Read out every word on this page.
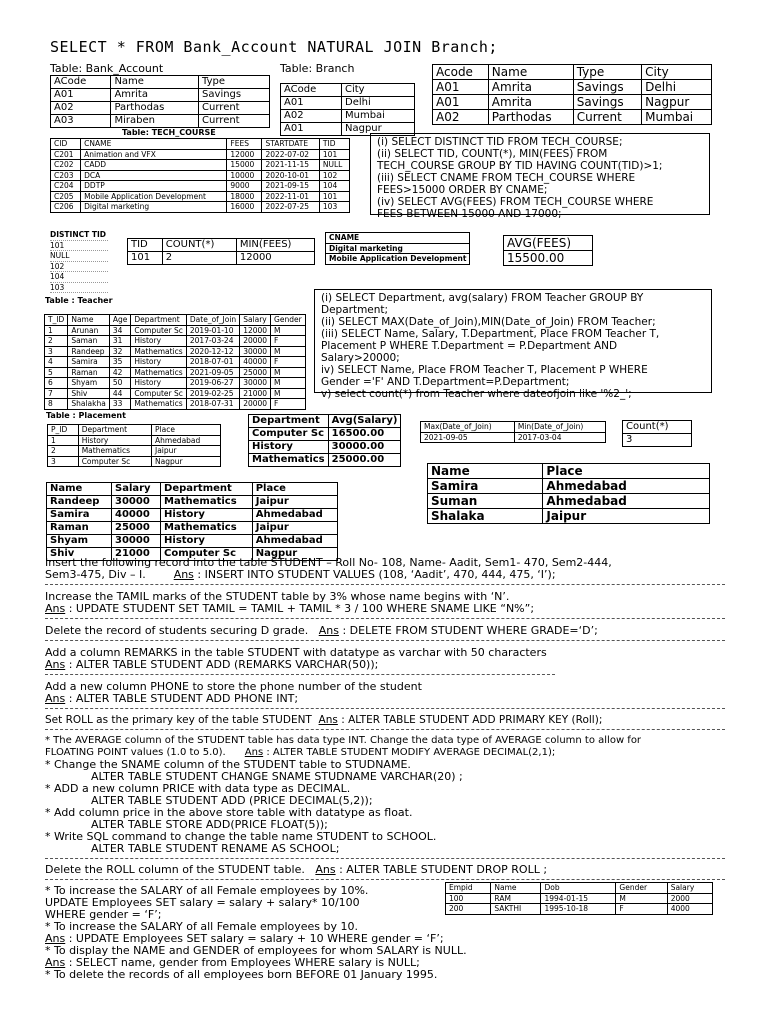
SELECT * FROM Bank_Account NATURAL JOIN Branch;
Table: Bank_Account
ACode	Name	Type
A01	Amrita	Savings
A02	Parthodas	Current
A03	Miraben	Current
Table: Branch
ACode	City
A01	Delhi
A02	Mumbai
A01	Nagpur
Acode	Name	Type	City
A01	Amrita	Savings	Delhi
A01	Amrita	Savings	Nagpur
A02	Parthodas	Current	Mumbai
Table: TECH_COURSE
CID	CNAME	FEES	STARTDATE	TID
C201	Animation and VFX	12000	2022-07-02	101
C202	CADD	15000	2021-11-15	NULL
C203	DCA	10000	2020-10-01	102
C204	DDTP	9000	2021-09-15	104
C205	Mobile Application Development	18000	2022-11-01	101
C206	Digital marketing	16000	2022-07-25	103
(i) SELECT DISTINCT TID FROM TECH_COURSE;
(ii) SELECT TID, COUNT(*), MIN(FEES) FROM
TECH_COURSE GROUP BY TID HAVING COUNT(TID)>1;
(iii) SELECT CNAME FROM TECH_COURSE WHERE
FEES>15000 ORDER BY CNAME;
(iv) SELECT AVG(FEES) FROM TECH_COURSE WHERE
FEES BETWEEN 15000 AND 17000;
DISTINCT TID
101
NULL
102
104
103
TID	COUNT(*)	MIN(FEES)
101	2	12000
CNAME
Digital marketing
Mobile Application Development
AVG(FEES)
15500.00
Table : Teacher
T_ID	Name	Age	Department	Date_of_Join	Salary	Gender
1	Arunan	34	Computer Sc	2019-01-10	12000	M
2	Saman	31	History	2017-03-24	20000	F
3	Randeep	32	Mathematics	2020-12-12	30000	M
4	Samira	35	History	2018-07-01	40000	F
5	Raman	42	Mathematics	2021-09-05	25000	M
6	Shyam	50	History	2019-06-27	30000	M
7	Shiv	44	Computer Sc	2019-02-25	21000	M
8	Shalakha	33	Mathematics	2018-07-31	20000	F
(i) SELECT Department, avg(salary) FROM Teacher GROUP BY
Department;
(ii) SELECT MAX(Date_of_Join),MIN(Date_of_Join) FROM Teacher;
(iii) SELECT Name, Salary, T.Department, Place FROM Teacher T,
Placement P WHERE T.Department = P.Department AND
Salary>20000;
iv) SELECT Name, Place FROM Teacher T, Placement P WHERE
Gender ='F' AND T.Department=P.Department;
v) select count(*) from Teacher where dateofjoin like '%2_';
Table : Placement
P_ID	Department	Place
1	History	Ahmedabad
2	Mathematics	Jaipur
3	Computer Sc	Nagpur
Department	Avg(Salary)
Computer Sc	16500.00
History	30000.00
Mathematics	25000.00
Max(Date_of_Join)	Min(Date_of_Join)
2021-09-05	2017-03-04
Count(*)
3
Name	Place
Samira	Ahmedabad
Suman	Ahmedabad
Shalaka	Jaipur
Name	Salary	Department	Place
Randeep	30000	Mathematics	Jaipur
Samira	40000	History	Ahmedabad
Raman	25000	Mathematics	Jaipur
Shyam	30000	History	Ahmedabad
Shiv	21000	Computer Sc	Nagpur
Insert the following record into the table STUDENT – Roll No- 108, Name- Aadit, Sem1- 470, Sem2-444,
Sem3-475, Div – I.	Ans : INSERT INTO STUDENT VALUES (108, ‘Aadit’, 470, 444, 475, ‘I’);
Increase the TAMIL marks of the STUDENT table by 3% whose name begins with ‘N’.
Ans : UPDATE STUDENT SET TAMIL = TAMIL + TAMIL * 3 / 100 WHERE SNAME LIKE “N%”;
Delete the record of students securing D grade. Ans : DELETE FROM STUDENT WHERE GRADE=‘D’;
Add a column REMARKS in the table STUDENT with datatype as varchar with 50 characters
Ans : ALTER TABLE STUDENT ADD (REMARKS VARCHAR(50));
Add a new column PHONE to store the phone number of the student
Ans : ALTER TABLE STUDENT ADD PHONE INT;
Set ROLL as the primary key of the table STUDENT Ans : ALTER TABLE STUDENT ADD PRIMARY KEY (Roll);
* The AVERAGE column of the STUDENT table has data type INT. Change the data type of AVERAGE column to allow for
FLOATING POINT values (1.0 to 5.0). Ans : ALTER TABLE STUDENT MODIFY AVERAGE DECIMAL(2,1);
* Change the SNAME column of the STUDENT table to STUDNAME.
ALTER TABLE STUDENT CHANGE SNAME STUDNAME VARCHAR(20) ;
* ADD a new column PRICE with data type as DECIMAL.
ALTER TABLE STUDENT ADD (PRICE DECIMAL(5,2));
* Add column price in the above store table with datatype as float.
ALTER TABLE STORE ADD(PRICE FLOAT(5));
* Write SQL command to change the table name STUDENT to SCHOOL.
ALTER TABLE STUDENT RENAME AS SCHOOL;
Delete the ROLL column of the STUDENT table. Ans : ALTER TABLE STUDENT DROP ROLL ;
* To increase the SALARY of all Female employees by 10%.
UPDATE Employees SET salary = salary + salary* 10/100
WHERE gender = ‘F’;
* To increase the SALARY of all Female employees by 10.
Ans : UPDATE Employees SET salary = salary + 10 WHERE gender = ‘F’;
* To display the NAME and GENDER of employees for whom SALARY is NULL.
Ans : SELECT name, gender from Employees WHERE salary is NULL;
* To delete the records of all employees born BEFORE 01 January 1995.
Empid	Name	Dob	Gender	Salary
100	RAM	1994-01-15	M	2000
200	SAKTHI	1995-10-18	F	4000
